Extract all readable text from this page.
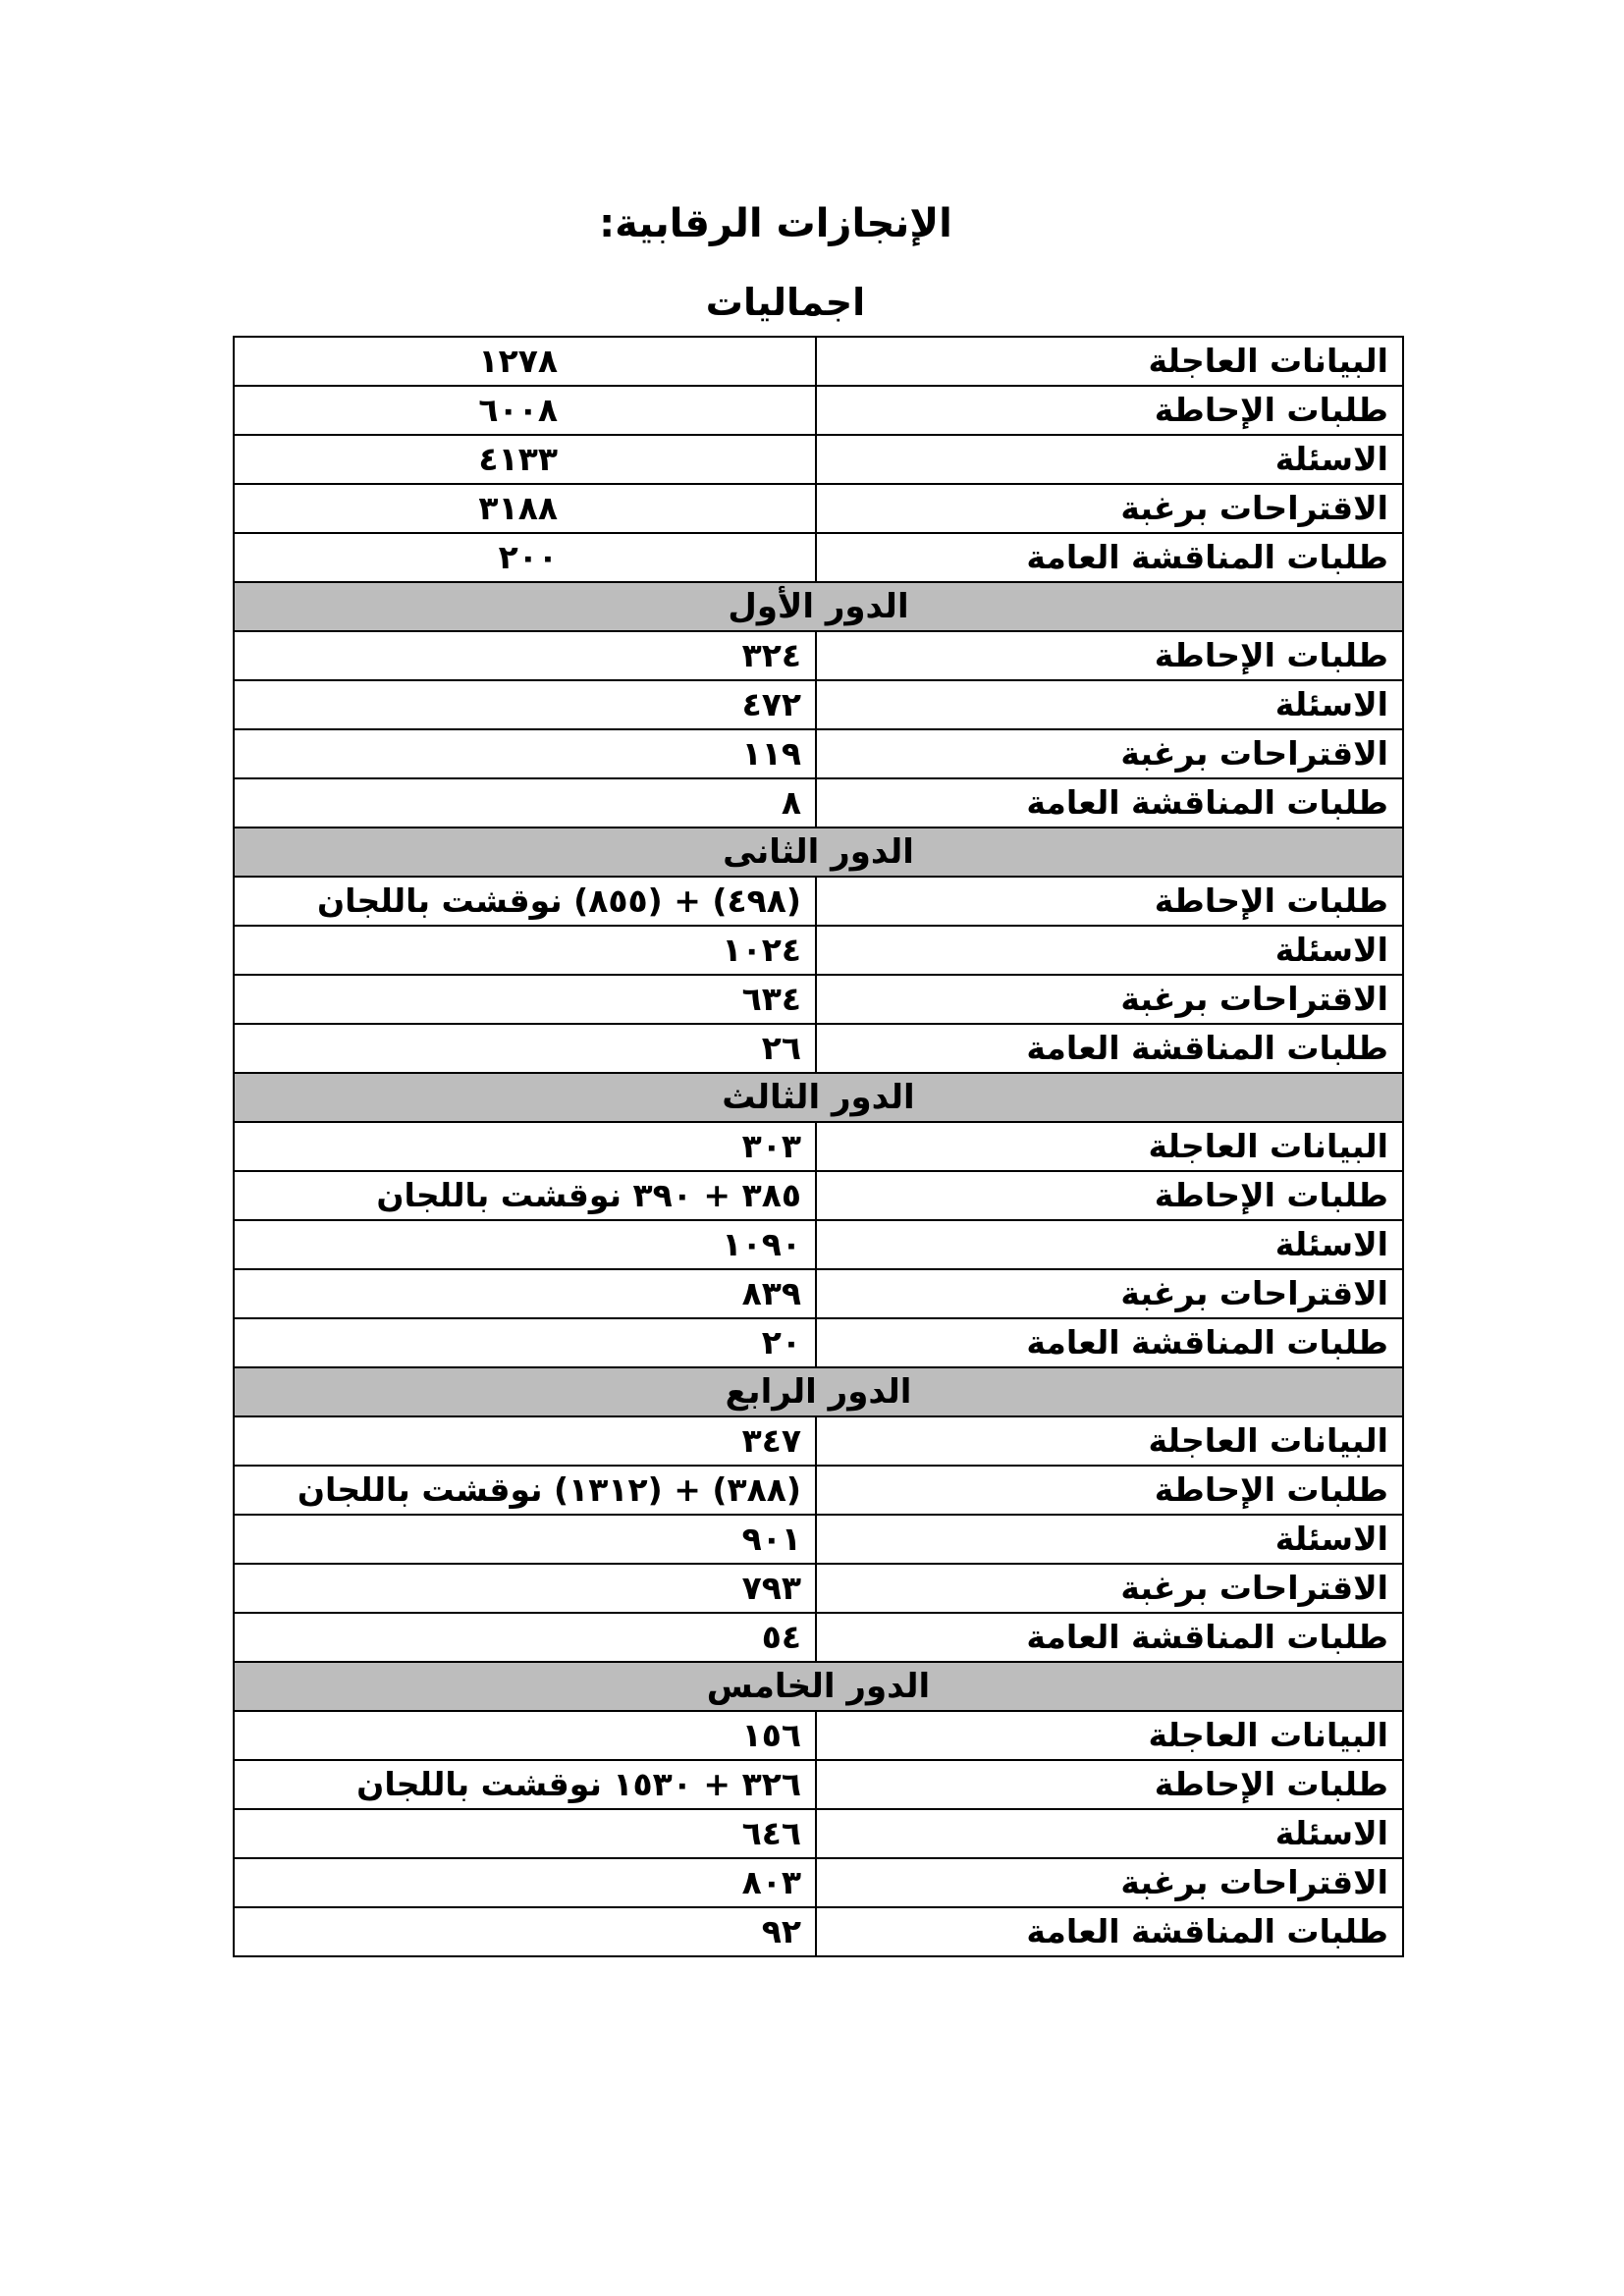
الإنجازات الرقابية:
اجماليات
البيانات العاجلة	١٢٧٨
طلبات الإحاطة	٦٠٠٨
الاسئلة	٤١٣٣
الاقتراحات برغبة	٣١٨٨
طلبات المناقشة العامة	٢٠٠
الدور الأول	
طلبات الإحاطة	٣٢٤
الاسئلة	٤٧٢
الاقتراحات برغبة	١١٩
طلبات المناقشة العامة	٨
الدور الثانى	
طلبات الإحاطة	(٤٩٨) + (٨٥٥) نوقشت باللجان
الاسئلة	١٠٢٤
الاقتراحات برغبة	٦٣٤
طلبات المناقشة العامة	٢٦
الدور الثالث	
البيانات العاجلة	٣٠٣
طلبات الإحاطة	٣٨٥ + ٣٩٠ نوقشت باللجان
الاسئلة	١٠٩٠
الاقتراحات برغبة	٨٣٩
طلبات المناقشة العامة	٢٠
الدور الرابع	
البيانات العاجلة	٣٤٧
طلبات الإحاطة	(٣٨٨) + (١٣١٢) نوقشت باللجان
الاسئلة	٩٠١
الاقتراحات برغبة	٧٩٣
طلبات المناقشة العامة	٥٤
الدور الخامس	
البيانات العاجلة	١٥٦
طلبات الإحاطة	٣٢٦ + ١٥٣٠ نوقشت باللجان
الاسئلة	٦٤٦
الاقتراحات برغبة	٨٠٣
طلبات المناقشة العامة	٩٢
